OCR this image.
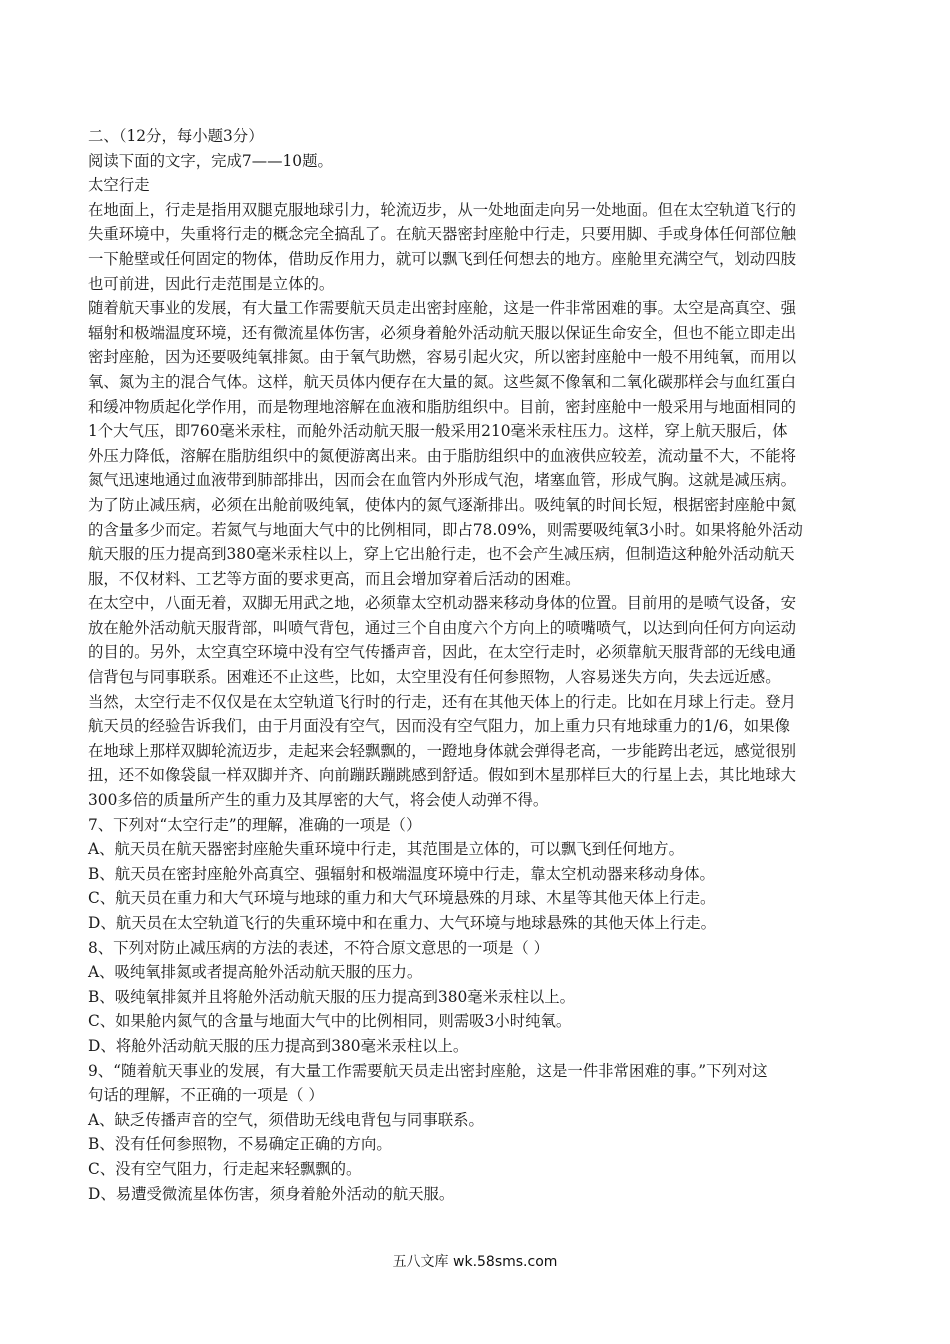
二、（12分，每小题3分）
阅读下面的文字，完成7——10题。
太空行走
在地面上，行走是指用双腿克服地球引力，轮流迈步，从一处地面走向另一处地面。但在太空轨道飞行的
失重环境中，失重将行走的概念完全搞乱了。在航天器密封座舱中行走，只要用脚、手或身体任何部位触
一下舱壁或任何固定的物体，借助反作用力，就可以飘飞到任何想去的地方。座舱里充满空气，划动四肢
也可前进，因此行走范围是立体的。
随着航天事业的发展，有大量工作需要航天员走出密封座舱，这是一件非常困难的事。太空是高真空、强
辐射和极端温度环境，还有微流星体伤害，必须身着舱外活动航天服以保证生命安全，但也不能立即走出
密封座舱，因为还要吸纯氧排氮。由于氧气助燃，容易引起火灾，所以密封座舱中一般不用纯氧，而用以
氧、氮为主的混合气体。这样，航天员体内便存在大量的氮。这些氮不像氧和二氧化碳那样会与血红蛋白
和缓冲物质起化学作用，而是物理地溶解在血液和脂肪组织中。目前，密封座舱中一般采用与地面相同的
1个大气压，即760毫米汞柱，而舱外活动航天服一般采用210毫米汞柱压力。这样，穿上航天服后，体
外压力降低，溶解在脂肪组织中的氮便游离出来。由于脂肪组织中的血液供应较差，流动量不大，不能将
氮气迅速地通过血液带到肺部排出，因而会在血管内外形成气泡，堵塞血管，形成气胸。这就是减压病。
为了防止减压病，必须在出舱前吸纯氧，使体内的氮气逐渐排出。吸纯氧的时间长短，根据密封座舱中氮
的含量多少而定。若氮气与地面大气中的比例相同，即占78.09%，则需要吸纯氧3小时。如果将舱外活动
航天服的压力提高到380毫米汞柱以上，穿上它出舱行走，也不会产生减压病，但制造这种舱外活动航天
服，不仅材料、工艺等方面的要求更高，而且会增加穿着后活动的困难。
在太空中，八面无着，双脚无用武之地，必须靠太空机动器来移动身体的位置。目前用的是喷气设备，安
放在舱外活动航天服背部，叫喷气背包，通过三个自由度六个方向上的喷嘴喷气，以达到向任何方向运动
的目的。另外，太空真空环境中没有空气传播声音，因此，在太空行走时，必须靠航天服背部的无线电通
信背包与同事联系。困难还不止这些，比如，太空里没有任何参照物，人容易迷失方向，失去远近感。
当然，太空行走不仅仅是在太空轨道飞行时的行走，还有在其他天体上的行走。比如在月球上行走。登月
航天员的经验告诉我们，由于月面没有空气，因而没有空气阻力，加上重力只有地球重力的1/6，如果像
在地球上那样双脚轮流迈步，走起来会轻飘飘的，一蹬地身体就会弹得老高，一步能跨出老远，感觉很别
扭，还不如像袋鼠一样双脚并齐、向前蹦跃蹦跳感到舒适。假如到木星那样巨大的行星上去，其比地球大
300多倍的质量所产生的重力及其厚密的大气，将会使人动弹不得。
7、下列对“太空行走”的理解，准确的一项是（）
A、航天员在航天器密封座舱失重环境中行走，其范围是立体的，可以飘飞到任何地方。
B、航天员在密封座舱外高真空、强辐射和极端温度环境中行走，靠太空机动器来移动身体。
C、航天员在重力和大气环境与地球的重力和大气环境悬殊的月球、木星等其他天体上行走。
D、航天员在太空轨道飞行的失重环境中和在重力、大气环境与地球悬殊的其他天体上行走。
8、下列对防止减压病的方法的表述，不符合原文意思的一项是（ ）
A、吸纯氧排氮或者提高舱外活动航天服的压力。
B、吸纯氧排氮并且将舱外活动航天服的压力提高到380毫米汞柱以上。
C、如果舱内氮气的含量与地面大气中的比例相同，则需吸3小时纯氧。
D、将舱外活动航天服的压力提高到380毫米汞柱以上。
9、“随着航天事业的发展，有大量工作需要航天员走出密封座舱，这是一件非常困难的事。”下列对这
句话的理解，不正确的一项是（ ）
A、缺乏传播声音的空气，须借助无线电背包与同事联系。
B、没有任何参照物，不易确定正确的方向。
C、没有空气阻力，行走起来轻飘飘的。
D、易遭受微流星体伤害，须身着舱外活动的航天服。
五八文库 wk.58sms.com
